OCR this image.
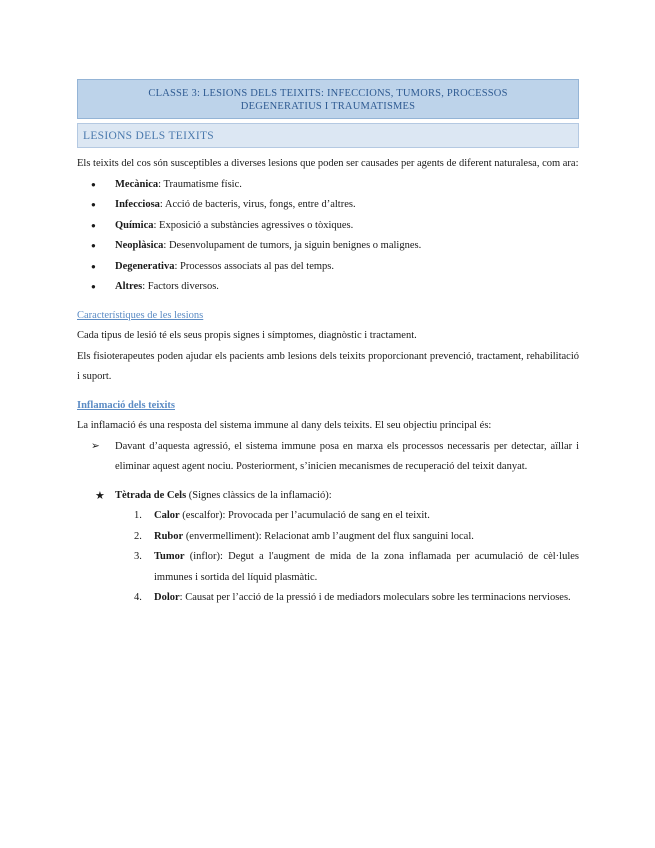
CLASSE 3: LESIONS DELS TEIXITS: INFECCIONS, TUMORS, PROCESSOS
DEGENERATIUS I TRAUMATISMES
LESIONS DELS TEIXITS

Els teixits del cos són susceptibles a diverses lesions que poden ser causades per agents de diferent naturalesa, com ara:

● Mecànica: Traumatisme físic.
● Infecciosa: Acció de bacteris, virus, fongs, entre d’altres.
● Química: Exposició a substàncies agressives o tòxiques.
● Neoplàsica: Desenvolupament de tumors, ja siguin benignes o malignes.
● Degenerativa: Processos associats al pas del temps.
● Altres: Factors diversos.
Característiques de les lesions

Cada tipus de lesió té els seus propis signes i símptomes, diagnòstic i tractament.

Els fisioterapeutes poden ajudar els pacients amb lesions dels teixits proporcionant prevenció, tractament, rehabilitació i suport.

Inflamació dels teixits

La inflamació és una resposta del sistema immune al dany dels teixits. El seu objectiu principal és:

➢ Davant d’aquesta agressió, el sistema immune posa en marxa els processos necessaris per detectar, aïllar i eliminar aquest agent nociu. Posteriorment, s’inicien mecanismes de recuperació del teixit danyat.
★ Tètrada de Cels (Signes clàssics de la inflamació):
1. Calor (escalfor): Provocada per l’acumulació de sang en el teixit.
2. Rubor (envermelliment): Relacionat amb l’augment del flux sanguini local.
3. Tumor (inflor): Degut a l'augment de mida de la zona inflamada per acumulació de cèl·lules immunes i sortida del líquid plasmàtic.
4. Dolor: Causat per l’acció de la pressió i de mediadors moleculars sobre les terminacions nervioses.
